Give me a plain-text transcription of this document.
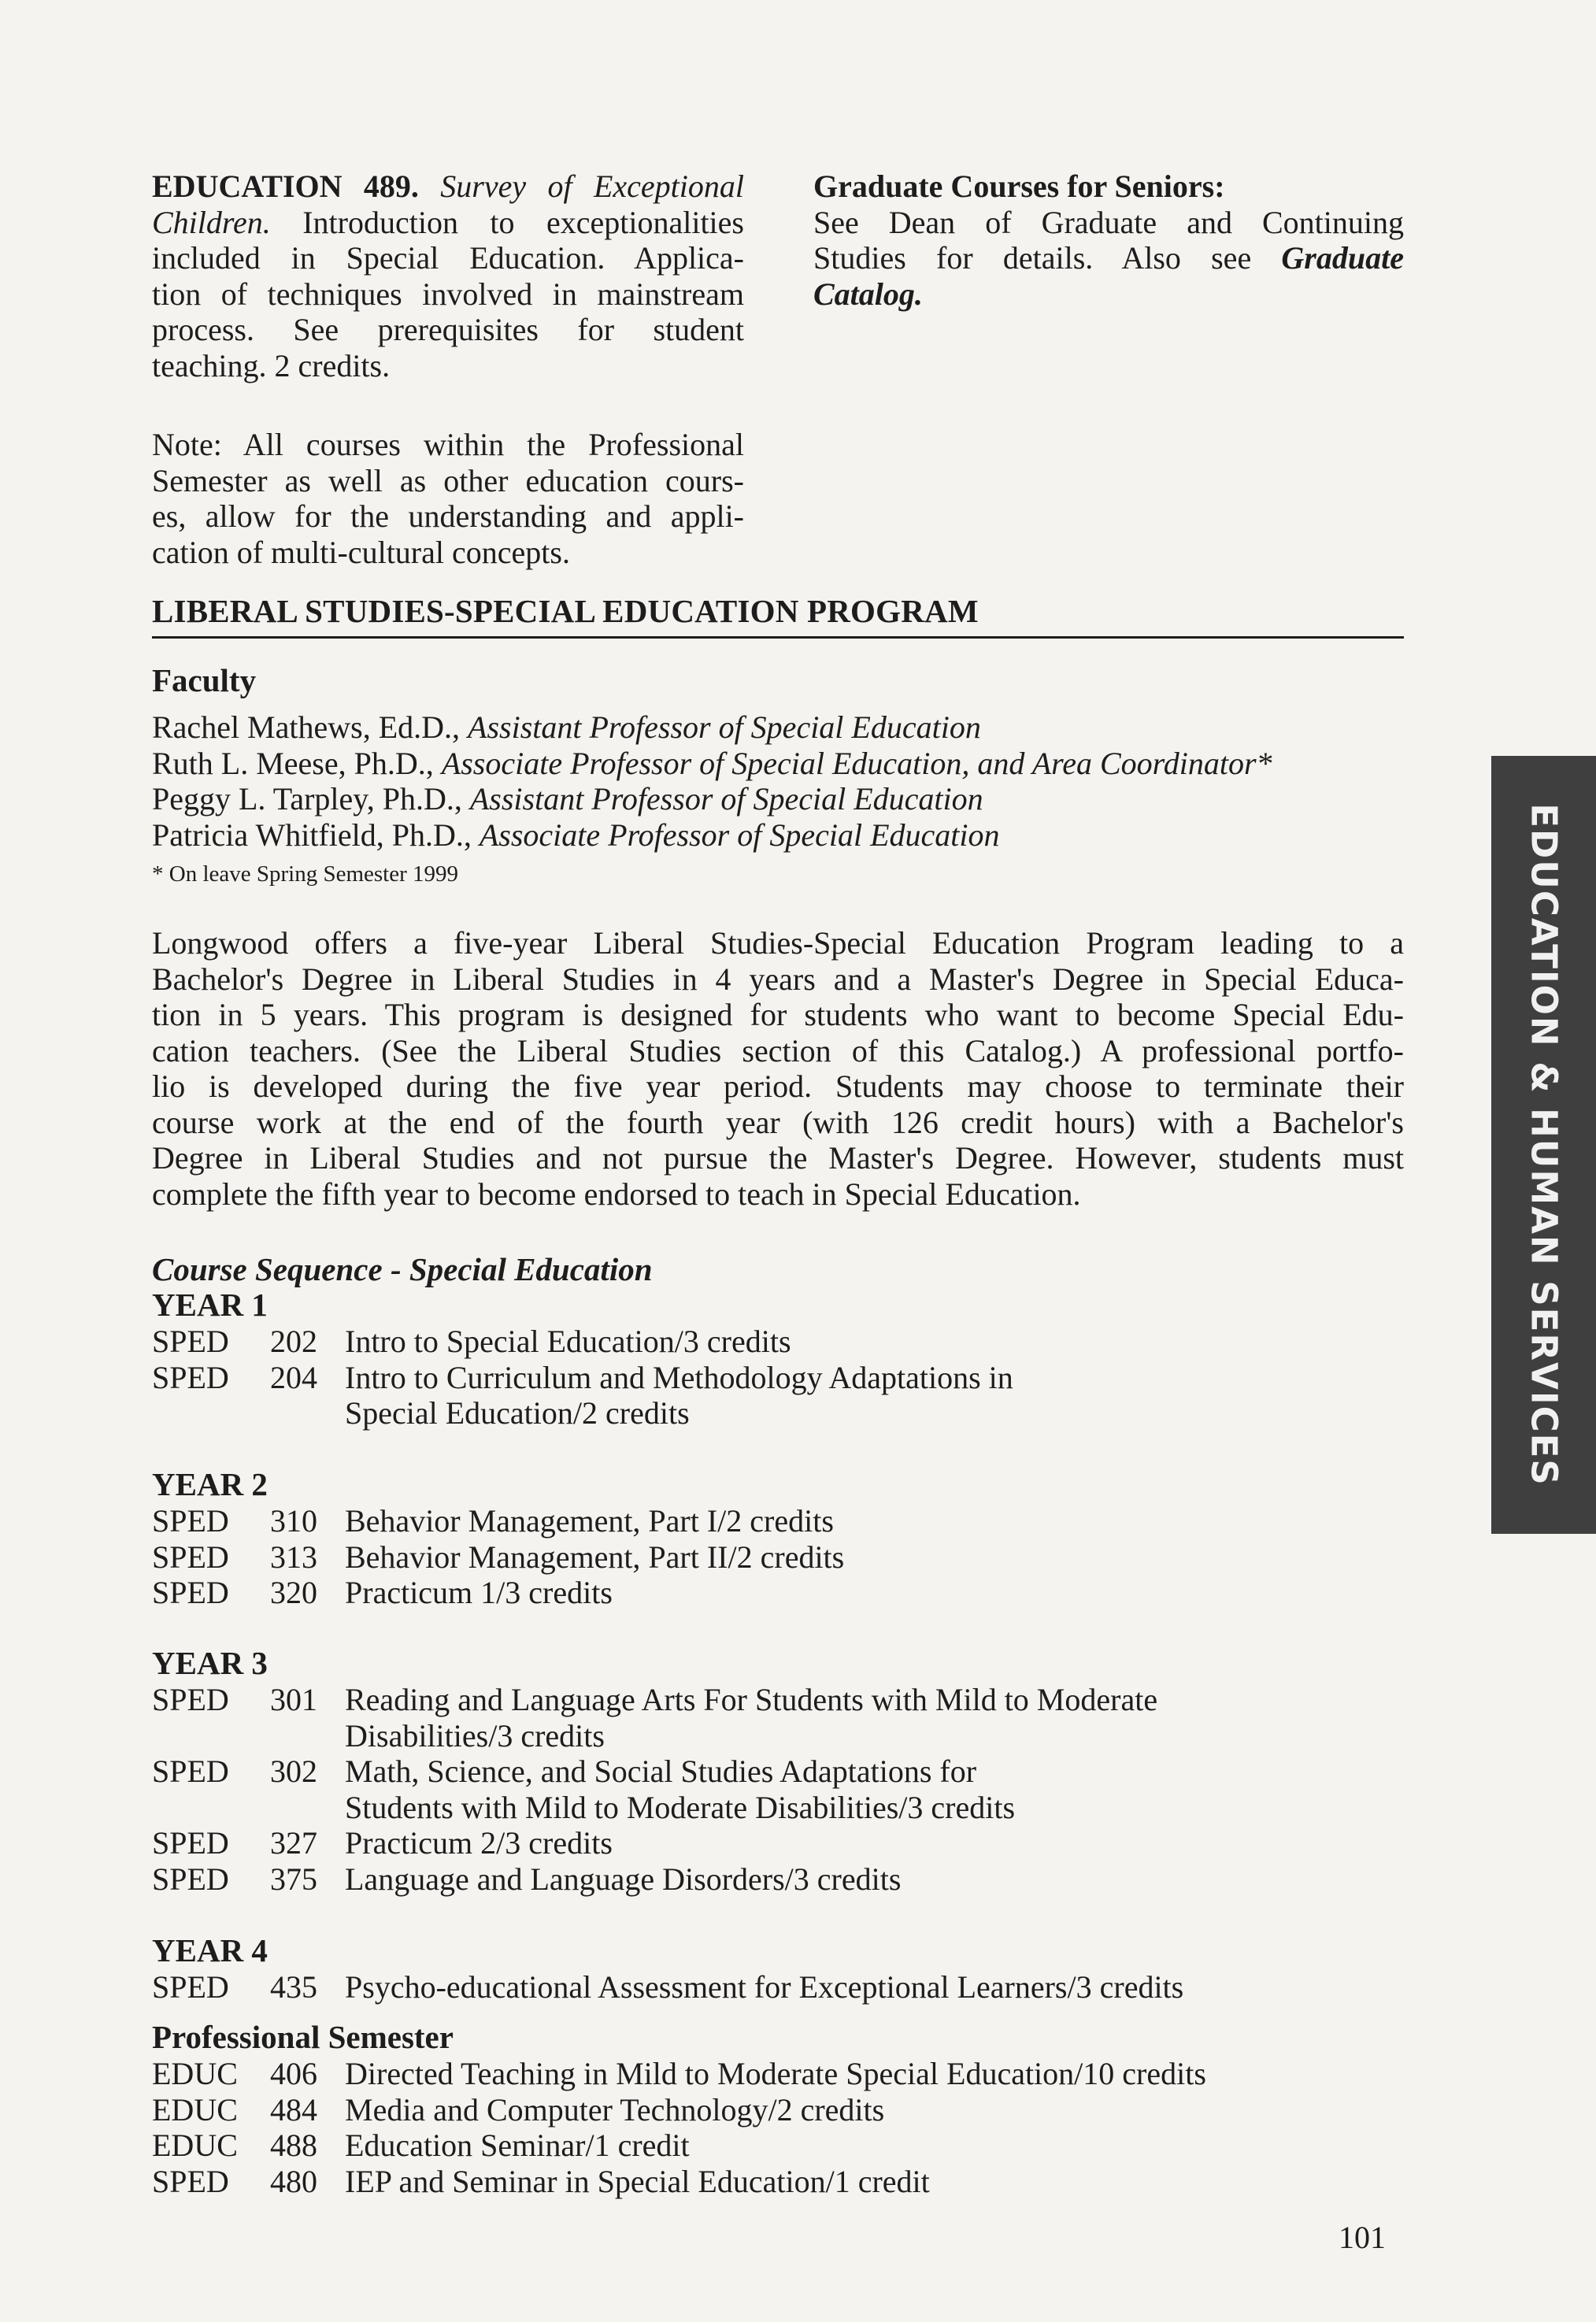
EDUCATION 489. Survey of Exceptional
Children. Introduction to exceptionalities
included in Special Education. Applica-
tion of techniques involved in mainstream
process. See prerequisites for student
teaching. 2 credits.
Graduate Courses for Seniors:
See Dean of Graduate and Continuing
Studies for details. Also see Graduate
Catalog.
Note: All courses within the Professional
Semester as well as other education cours-
es, allow for the understanding and appli-
cation of multi-cultural concepts.
LIBERAL STUDIES-SPECIAL EDUCATION PROGRAM
Faculty
Rachel Mathews, Ed.D., Assistant Professor of Special Education
Ruth L. Meese, Ph.D., Associate Professor of Special Education, and Area Coordinator*
Peggy L. Tarpley, Ph.D., Assistant Professor of Special Education
Patricia Whitfield, Ph.D., Associate Professor of Special Education
* On leave Spring Semester 1999
Longwood offers a five-year Liberal Studies-Special Education Program leading to a
Bachelor's Degree in Liberal Studies in 4 years and a Master's Degree in Special Educa-
tion in 5 years. This program is designed for students who want to become Special Edu-
cation teachers. (See the Liberal Studies section of this Catalog.) A professional portfo-
lio is developed during the five year period. Students may choose to terminate their
course work at the end of the fourth year (with 126 credit hours) with a Bachelor's
Degree in Liberal Studies and not pursue the Master's Degree. However, students must
complete the fifth year to become endorsed to teach in Special Education.
Course Sequence - Special Education
YEAR 1
SPED 202 Intro to Special Education/3 credits
SPED 204 Intro to Curriculum and Methodology Adaptations in
Special Education/2 credits
YEAR 2
SPED 310 Behavior Management, Part I/2 credits
SPED 313 Behavior Management, Part II/2 credits
SPED 320 Practicum 1/3 credits
YEAR 3
SPED 301 Reading and Language Arts For Students with Mild to Moderate
Disabilities/3 credits
SPED 302 Math, Science, and Social Studies Adaptations for
Students with Mild to Moderate Disabilities/3 credits
SPED 327 Practicum 2/3 credits
SPED 375 Language and Language Disorders/3 credits
YEAR 4
SPED 435 Psycho-educational Assessment for Exceptional Learners/3 credits
Professional Semester
EDUC 406 Directed Teaching in Mild to Moderate Special Education/10 credits
EDUC 484 Media and Computer Technology/2 credits
EDUC 488 Education Seminar/1 credit
SPED 480 IEP and Seminar in Special Education/1 credit
101
EDUCATION & HUMAN SERVICES
